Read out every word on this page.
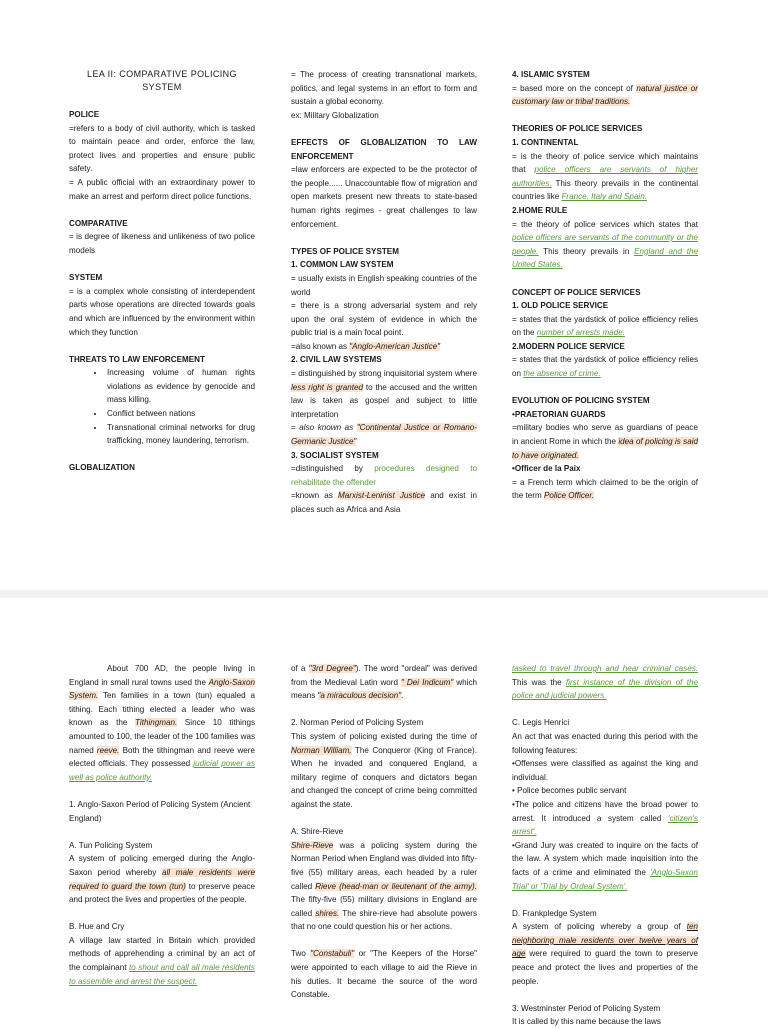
LEA II: COMPARATIVE POLICING SYSTEM

POLICE

=refers to a body of civil authority, which is tasked to maintain peace and order, enforce the law, protect lives and properties and ensure public safety.

= A public official with an extraordinary power to make an arrest and perform direct police functions.

COMPARATIVE

= is degree of likeness and unlikeness of two police models

SYSTEM

= is a complex whole consisting of interdependent parts whose operations are directed towards goals and which are influenced by the environment within which they function

THREATS TO LAW ENFORCEMENT

• Increasing volume of human rights violations as evidence by genocide and mass killing.
• Conflict between nations
• Transnational criminal networks for drug trafficking, money laundering, terrorism.

GLOBALIZATION

= The process of creating transnational markets, politics, and legal systems in an effort to form and sustain a global economy.

ex: Military Globalization

EFFECTS OF GLOBALIZATION TO LAW ENFORCEMENT

=law enforcers are expected to be the protector of the people...... Unaccountable flow of migration and open markets present new threats to state-based human rights regimes - great challenges to law enforcement.

TYPES OF POLICE SYSTEM

1. COMMON LAW SYSTEM

= usually exists in English speaking countries of the world

= there is a strong adversarial system and rely upon the oral system of evidence in which the public trial is a main focal point.

=also known as "Anglo-American Justice"

2. CIVIL LAW SYSTEMS

= distinguished by strong inquisitorial system where less right is granted to the accused and the written law is taken as gospel and subject to little interpretation

= also known as "Continental Justice or Romano-Germanic Justice"

3. SOCIALIST SYSTEM

=distinguished by procedures designed to rehabilitate the offender

=known as Marxist-Leninist Justice and exist in places such as Africa and Asia

4. ISLAMIC SYSTEM

= based more on the concept of natural justice or customary law or tribal traditions.

THEORIES OF POLICE SERVICES

1. CONTINENTAL

= is the theory of police service which maintains that police officers are servants of higher authorities. This theory prevails in the continental countries like France, Italy and Spain.

2.HOME RULE

= the theory of police services which states that police officers are servants of the community or the people. This theory prevails in England and the United States.

CONCEPT OF POLICE SERVICES

1. OLD POLICE SERVICE

= states that the yardstick of police efficiency relies on the number of arrests made.

2.MODERN POLICE SERVICE

= states that the yardstick of police efficiency relies on the absence of crime.

EVOLUTION OF POLICING SYSTEM

•PRAETORIAN GUARDS

=military bodies who serve as guardians of peace in ancient Rome in which the idea of policing is said to have originated.

•Officer de la Paix

= a French term which claimed to be the origin of the term Police Officer.

About 700 AD, the people living in England in small rural towns used the Anglo-Saxon System. Ten families in a town (tun) equaled a tithing. Each tithing elected a leader who was known as the Tithingman. Since 10 tithings amounted to 100, the leader of the 100 families was named reeve. Both the tithingman and reeve were elected officials. They possessed judicial power as well as police authority.

1. Anglo-Saxon Period of Policing System (Ancient England)

A. Tun Policing System

A system of policing emerged during the Anglo-Saxon period whereby all male residents were required to guard the town (tun) to preserve peace and protect the lives and properties of the people.

B. Hue and Cry

A village law started in Britain which provided methods of apprehending a criminal by an act of the complainant to shout and call all male residents to assemble and arrest the suspect.

of a "3rd Degree"). The word "ordeal" was derived from the Medieval Latin word " Dei Indicum" which means "a miraculous decision".

2. Norman Period of Policing System

This system of policing existed during the time of Norman William, The Conqueror (King of France). When he invaded and conquered England, a military regime of conquers and dictators began and changed the concept of crime being committed against the state.

A. Shire-Rieve

Shire-Rieve was a policing system during the Norman Period when England was divided into fifty-five (55) military areas, each headed by a ruler called Rieve (head-man or lieutenant of the army). The fifty-five (55) military divisions in England are called shires. The shire-rieve had absolute powers that no one could question his or her actions.

Two "Constabuli" or "The Keepers of the Horse" were appointed to each village to aid the Rieve in his duties. It became the source of the word Constable.

tasked to travel through and hear criminal cases. This was the first instance of the division of the police and judicial powers.

C. Legis Henrici

An act that was enacted during this period with the following features:

•Offenses were classified as against the king and individual.

• Police becomes public servant

•The police and citizens have the broad power to arrest. It introduced a system called 'citizen's arrest'.

•Grand Jury was created to inquire on the facts of the law. A system which made inquisition into the facts of a crime and eliminated the 'Anglo-Saxon Trial' or 'Trial by Ordeal System'.

D. Frankpledge System

A system of policing whereby a group of ten neighboring male residents over twelve years of age were required to guard the town to preserve peace and protect the lives and properties of the people.

3. Westminster Period of Policing System

It is called by this name because the laws
